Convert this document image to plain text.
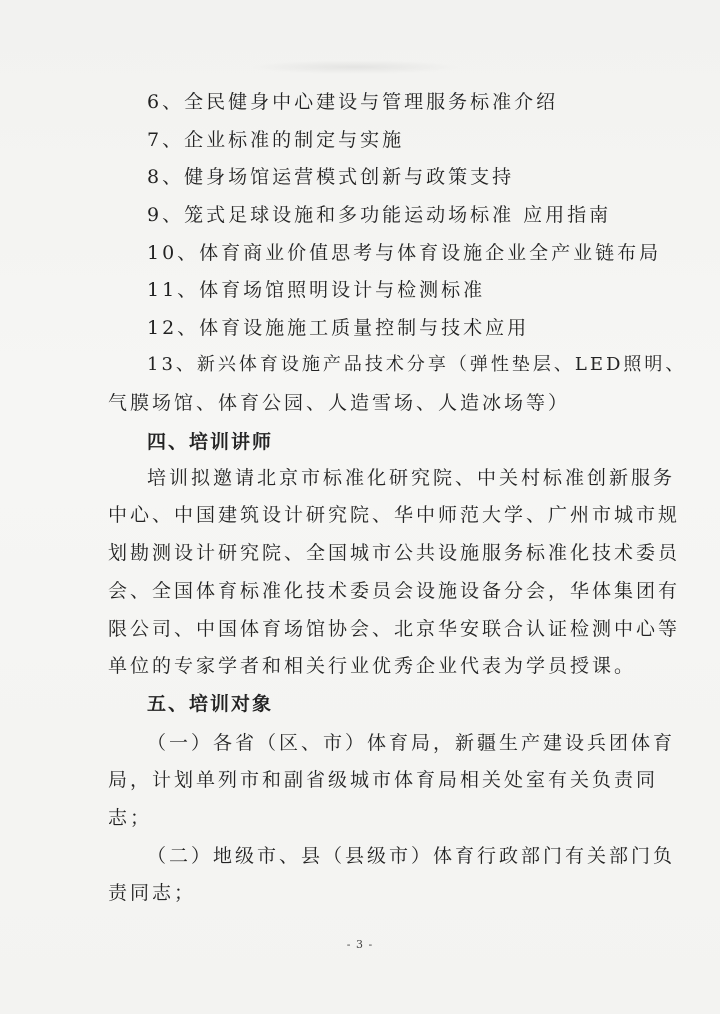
6、全民健身中心建设与管理服务标准介绍
7、企业标准的制定与实施
8、健身场馆运营模式创新与政策支持
9、笼式足球设施和多功能运动场标准 应用指南
10、体育商业价值思考与体育设施企业全产业链布局
11、体育场馆照明设计与检测标准
12、体育设施施工质量控制与技术应用
13、新兴体育设施产品技术分享（弹性垫层、LED照明、
气膜场馆、体育公园、人造雪场、人造冰场等）
四、培训讲师
培训拟邀请北京市标准化研究院、中关村标准创新服务
中心、中国建筑设计研究院、华中师范大学、广州市城市规
划勘测设计研究院、全国城市公共设施服务标准化技术委员
会、全国体育标准化技术委员会设施设备分会，华体集团有
限公司、中国体育场馆协会、北京华安联合认证检测中心等
单位的专家学者和相关行业优秀企业代表为学员授课。
五、培训对象
（一）各省（区、市）体育局，新疆生产建设兵团体育
局，计划单列市和副省级城市体育局相关处室有关负责同
志；
（二）地级市、县（县级市）体育行政部门有关部门负
责同志；
- 3 -
